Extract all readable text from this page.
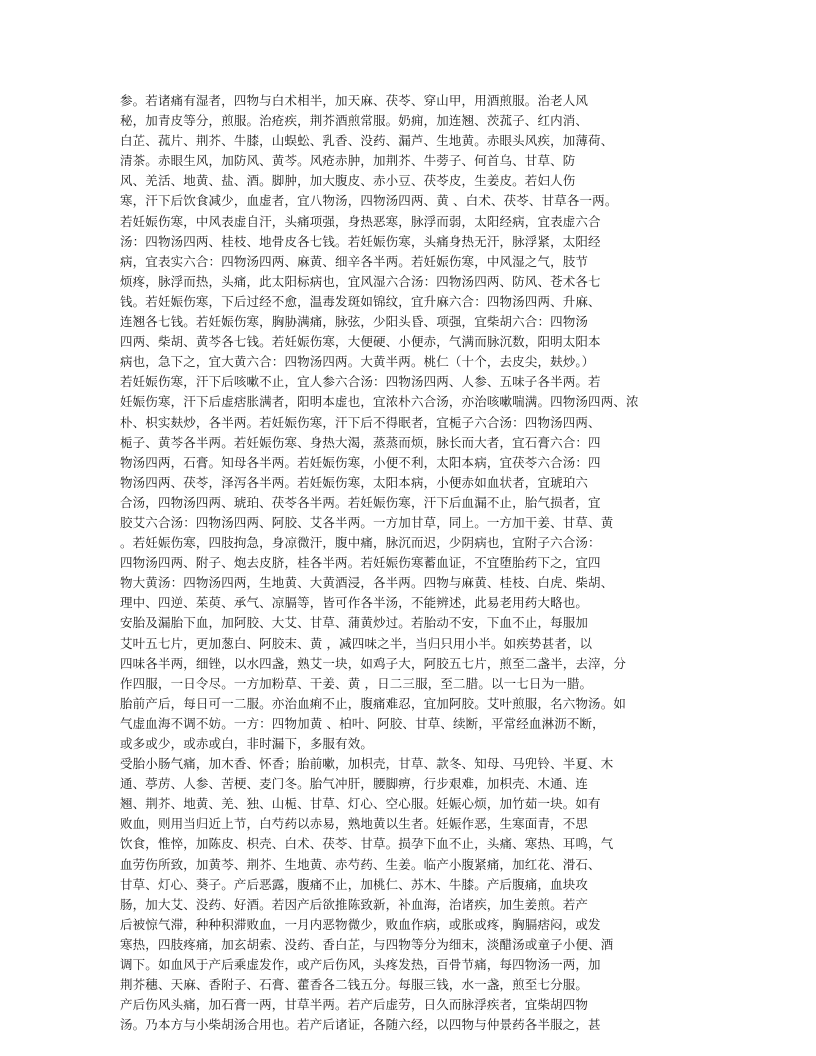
参。若诸痛有湿者，四物与白术相半，加天麻、茯苓、穿山甲，用酒煎服。治老人风
秘，加青皮等分，煎服。治疮疾，荆芥酒煎常服。奶痈，加连翘、茨菰子、红内消、
白芷、菰片、荆芥、牛膝，山蜈蚣、乳香、没药、漏芦、生地黄。赤眼头风疾，加薄荷、
清茶。赤眼生风，加防风、黄芩。风疮赤肿，加荆芥、牛蒡子、何首乌、甘草、防
风、羌活、地黄、盐、酒。脚肿，加大腹皮、赤小豆、茯苓皮，生姜皮。若妇人伤
寒，汗下后饮食减少，血虚者，宜八物汤，四物汤四两、黄 、白术、茯苓、甘草各一两。
若妊娠伤寒，中风表虚自汗，头痛项强，身热恶寒，脉浮而弱，太阳经病，宜表虚六合
汤：四物汤四两、桂枝、地骨皮各七钱。若妊娠伤寒，头痛身热无汗，脉浮紧，太阳经
病，宜表实六合：四物汤四两、麻黄、细辛各半两。若妊娠伤寒，中风湿之气，肢节
烦疼，脉浮而热，头痛，此太阳标病也，宜风湿六合汤：四物汤四两、防风、苍术各七
钱。若妊娠伤寒，下后过经不愈，温毒发斑如锦纹，宜升麻六合：四物汤四两、升麻、
连翘各七钱。若妊娠伤寒，胸胁满痛，脉弦，少阳头昏、项强，宜柴胡六合：四物汤
四两、柴胡、黄芩各七钱。若妊娠伤寒，大便硬、小便赤，气满而脉沉数，阳明太阳本
病也，急下之，宜大黄六合：四物汤四两。大黄半两。桃仁（十个，去皮尖，麸炒。）
若妊娠伤寒，汗下后咳嗽不止，宜人参六合汤：四物汤四两、人参、五味子各半两。若
妊娠伤寒，汗下后虚痞胀满者，阳明本虚也，宜浓朴六合汤，亦治咳嗽喘满。四物汤四两、浓
朴、枳实麸炒，各半两。若妊娠伤寒，汗下后不得眠者，宜栀子六合汤：四物汤四两、
栀子、黄芩各半两。若妊娠伤寒、身热大渴，蒸蒸而烦，脉长而大者，宜石膏六合：四
物汤四两，石膏。知母各半两。若妊娠伤寒，小便不利，太阳本病，宜茯苓六合汤：四
物汤四两、茯苓，泽泻各半两。若妊娠伤寒，太阳本病，小便赤如血状者，宜琥珀六
合汤，四物汤四两、琥珀、茯苓各半两。若妊娠伤寒，汗下后血漏不止，胎气损者，宜
胶艾六合汤：四物汤四两、阿胶、艾各半两。一方加甘草，同上。一方加干姜、甘草、黄
。若妊娠伤寒，四肢拘急，身凉微汗，腹中痛，脉沉而迟，少阴病也，宜附子六合汤：
四物汤四两、附子、炮去皮脐，桂各半两。若妊娠伤寒蓄血证，不宜堕胎药下之，宜四
物大黄汤：四物汤四两，生地黄、大黄酒浸，各半两。四物与麻黄、桂枝、白虎、柴胡、
理中、四逆、茱萸、承气、凉膈等，皆可作各半汤，不能辨述，此易老用药大略也。
安胎及漏胎下血，加阿胶、大艾、甘草、蒲黄炒过。若胎动不安，下血不止，每服加
艾叶五七片，更加葱白、阿胶末、黄 ，减四味之半，当归只用小半。如疾势甚者，以
四味各半两，细锉，以水四盏，熟艾一块，如鸡子大，阿胶五七片，煎至二盏半，去滓，分
作四服，一日令尽。一方加粉草、干姜、黄 ，日二三服，至二腊。以一七日为一腊。
胎前产后，每日可一二服。亦治血痢不止，腹痛难忍，宜加阿胶。艾叶煎服，名六物汤。如
气虚血海不调不妨。一方：四物加黄 、柏叶、阿胶、甘草、续断，平常经血淋沥不断，
或多或少，或赤或白，非时漏下，多服有效。
受胎小肠气痛，加木香、怀香；胎前嗽，加枳壳，甘草、款冬、知母、马兜铃、半夏、木
通、葶苈、人参、苦梗、麦门冬。胎气冲肝，腰脚痹，行步艰难，加枳壳、木通、连
翘、荆芥、地黄、羌、独、山栀、甘草、灯心、空心服。妊娠心烦，加竹茹一块。如有
败血，则用当归近上节，白芍药以赤易，熟地黄以生者。妊娠作恶，生寒面青，不思
饮食，惟悴，加陈皮、枳壳、白术、茯苓、甘草。损孕下血不止，头痛、寒热、耳鸣，气
血劳伤所致，加黄芩、荆芥、生地黄、赤芍药、生姜。临产小腹紧痛，加红花、滑石、
甘草、灯心、葵子。产后恶露，腹痛不止，加桃仁、苏木、牛膝。产后腹痛，血块攻
肠，加大艾、没药、好酒。若因产后欲推陈致新，补血海，治诸疾，加生姜煎。若产
后被惊气滞，种种积滞败血，一月内恶物微少，败血作病，或胀或疼，胸膈痞闷，或发
寒热，四肢疼痛，加玄胡索、没药、香白芷，与四物等分为细末，淡醋汤或童子小便、酒
调下。如血风于产后乘虚发作，或产后伤风，头疼发热，百骨节痛，每四物汤一两，加
荆芥穗、天麻、香附子、石膏、藿香各二钱五分。每服三钱，水一盏，煎至七分服。
产后伤风头痛，加石膏一两，甘草半两。若产后虚劳，日久而脉浮疾者，宜柴胡四物
汤。乃本方与小柴胡汤合用也。若产后诸证，各随六经，以四物与仲景药各半服之，甚
